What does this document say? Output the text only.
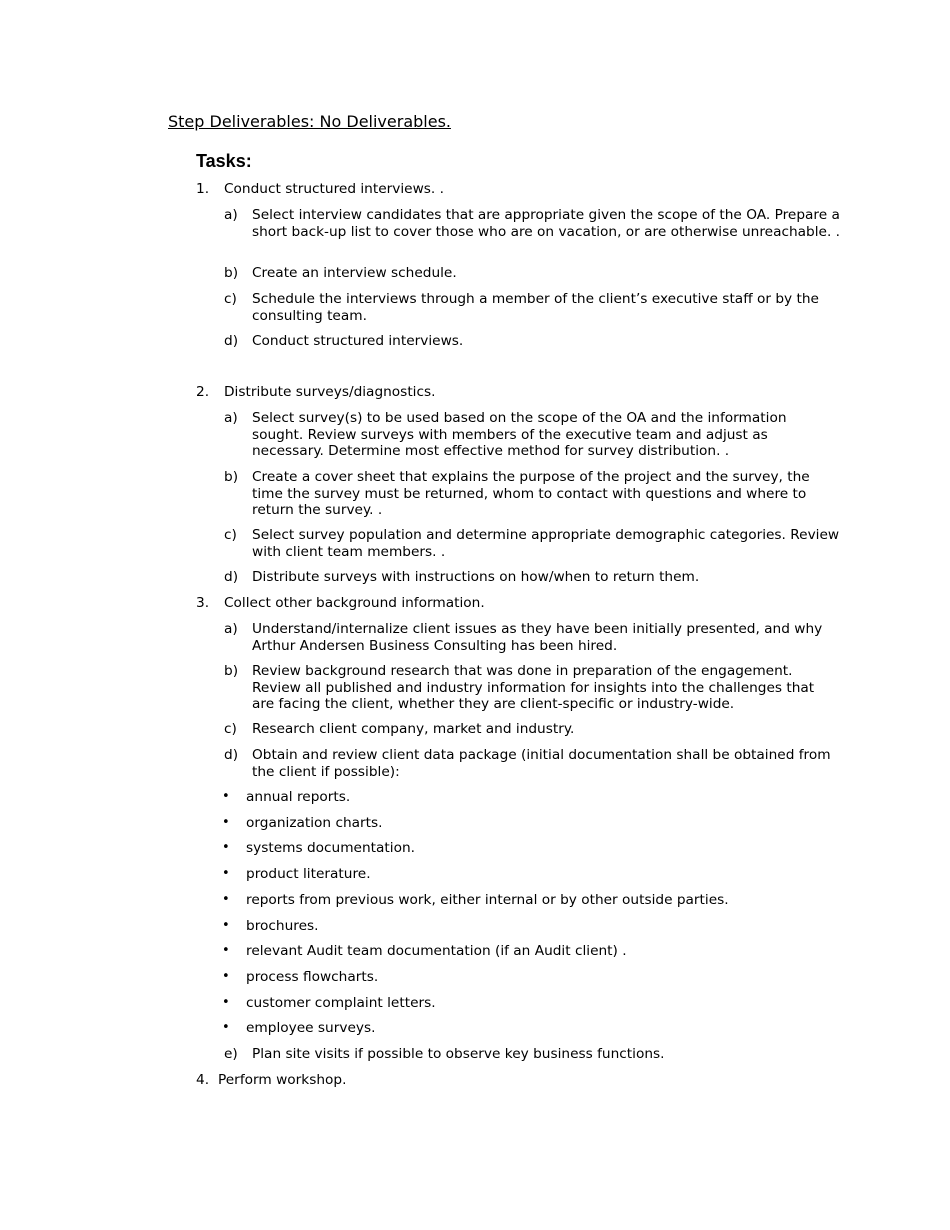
Step Deliverables: No Deliverables.
Tasks:
1. Conduct structured interviews. .
a) Select interview candidates that are appropriate given the scope of the OA. Prepare a short back-up list to cover those who are on vacation, or are otherwise unreachable. .
b) Create an interview schedule.
c) Schedule the interviews through a member of the client’s executive staff or by the consulting team.
d) Conduct structured interviews.
2. Distribute surveys/diagnostics.
a) Select survey(s) to be used based on the scope of the OA and the information sought. Review surveys with members of the executive team and adjust as necessary. Determine most effective method for survey distribution. .
b) Create a cover sheet that explains the purpose of the project and the survey, the time the survey must be returned, whom to contact with questions and where to return the survey. .
c) Select survey population and determine appropriate demographic categories. Review with client team members. .
d) Distribute surveys with instructions on how/when to return them.
3. Collect other background information.
a) Understand/internalize client issues as they have been initially presented, and why Arthur Andersen Business Consulting has been hired.
b) Review background research that was done in preparation of the engagement. Review all published and industry information for insights into the challenges that are facing the client, whether they are client-specific or industry-wide.
c) Research client company, market and industry.
d) Obtain and review client data package (initial documentation shall be obtained from the client if possible):
• annual reports.
• organization charts.
• systems documentation.
• product literature.
• reports from previous work, either internal or by other outside parties.
• brochures.
• relevant Audit team documentation (if an Audit client) .
• process flowcharts.
• customer complaint letters.
• employee surveys.
e) Plan site visits if possible to observe key business functions.
4. Perform workshop.
